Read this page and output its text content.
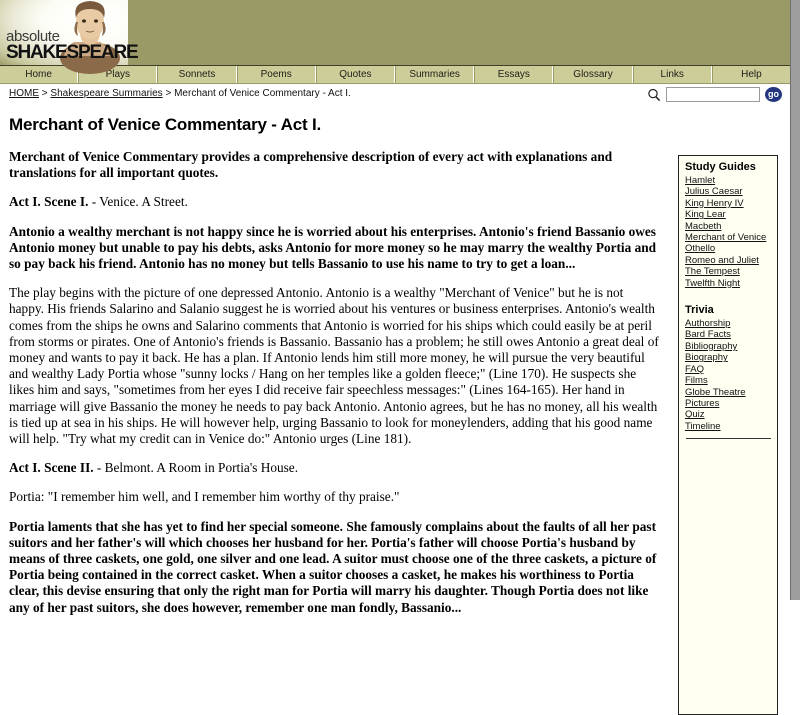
absolute
SHAKESPEARE
Home	Plays	Sonnets	Poems	Quotes	Summaries	Essays	Glossary	Links	Help
HOME > Shakespeare Summaries > Merchant of Venice Commentary - Act I.	go
Merchant of Venice Commentary - Act I.

Merchant of Venice Commentary provides a comprehensive description of every act with explanations and translations for all important quotes.

Act I. Scene I. - Venice. A Street.

Antonio a wealthy merchant is not happy since he is worried about his enterprises. Antonio's friend Bassanio owes Antonio money but unable to pay his debts, asks Antonio for more money so he may marry the wealthy Portia and so pay back his friend. Antonio has no money but tells Bassanio to use his name to try to get a loan...

The play begins with the picture of one depressed Antonio. Antonio is a wealthy "Merchant of Venice" but he is not happy. His friends Salarino and Salanio suggest he is worried about his ventures or business enterprises. Antonio's wealth comes from the ships he owns and Salarino comments that Antonio is worried for his ships which could easily be at peril from storms or pirates. One of Antonio's friends is Bassanio. Bassanio has a problem; he still owes Antonio a great deal of money and wants to pay it back. He has a plan. If Antonio lends him still more money, he will pursue the very beautiful and wealthy Lady Portia whose "sunny locks / Hang on her temples like a golden fleece;" (Line 170). He suspects she likes him and says, "sometimes from her eyes I did receive fair speechless messages:" (Lines 164-165). Her hand in marriage will give Bassanio the money he needs to pay back Antonio. Antonio agrees, but he has no money, all his wealth is tied up at sea in his ships. He will however help, urging Bassanio to look for moneylenders, adding that his good name will help. "Try what my credit can in Venice do:" Antonio urges (Line 181).

Act I. Scene II. - Belmont. A Room in Portia's House.

Portia: "I remember him well, and I remember him worthy of thy praise."

Portia laments that she has yet to find her special someone. She famously complains about the faults of all her past suitors and her father's will which chooses her husband for her. Portia's father will choose Portia's husband by means of three caskets, one gold, one silver and one lead. A suitor must choose one of the three caskets, a picture of Portia being contained in the correct casket. When a suitor chooses a casket, he makes his worthiness to Portia clear, this devise ensuring that only the right man for Portia will marry his daughter. Though Portia does not like any of her past suitors, she does however, remember one man fondly, Bassanio...

Study Guides
Hamlet
Julius Caesar
King Henry IV
King Lear
Macbeth
Merchant of Venice
Othello
Romeo and Juliet
The Tempest
Twelfth Night
Trivia
Authorship
Bard Facts
Bibliography
Biography
FAQ
Films
Globe Theatre
Pictures
Quiz
Timeline
